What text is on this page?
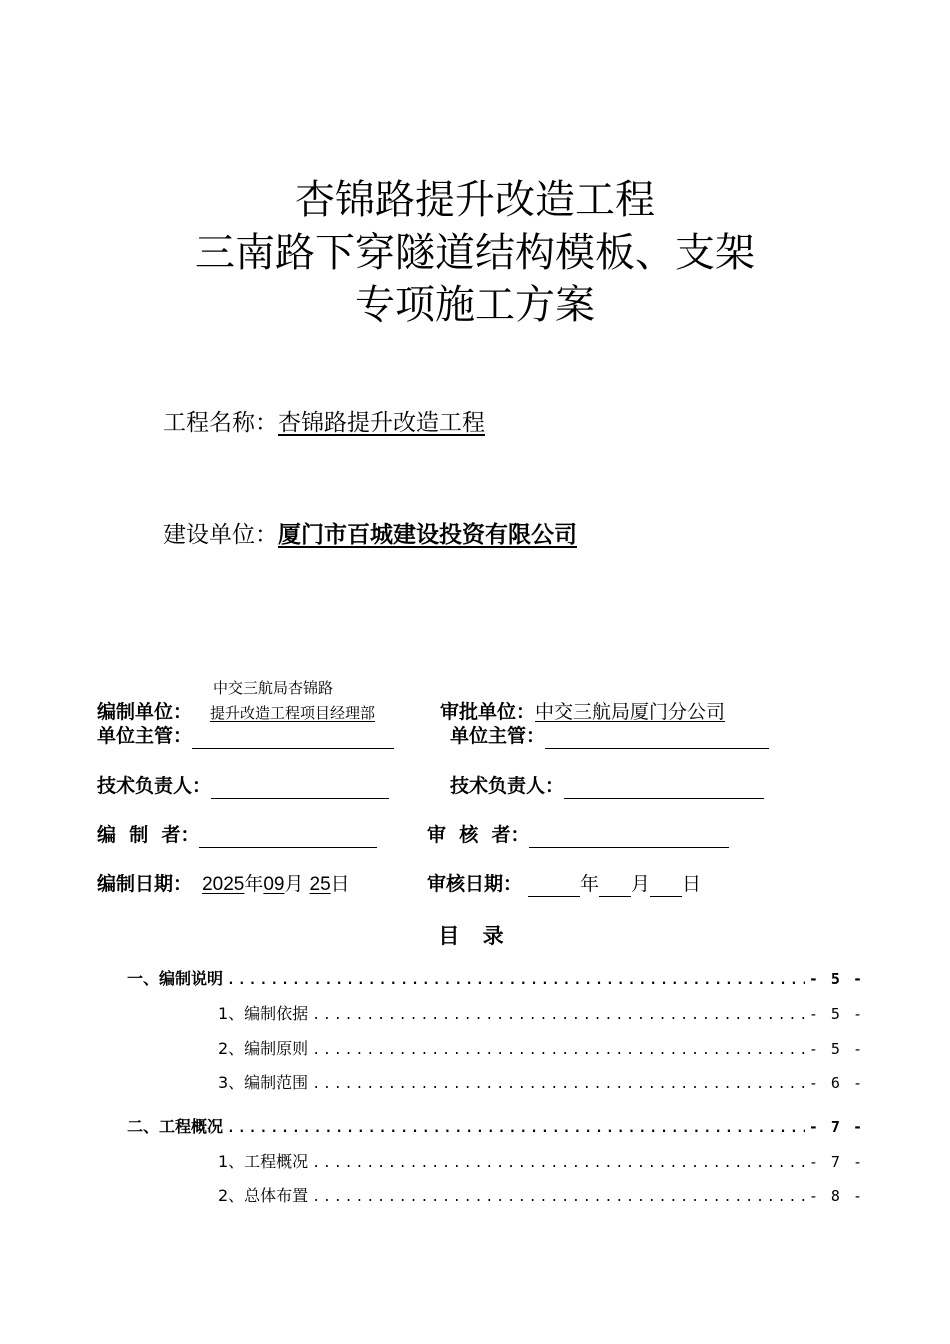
杏锦路提升改造工程
三南路下穿隧道结构模板、支架
专项施工方案
工程名称：杏锦路提升改造工程
建设单位：厦门市百城建设投资有限公司
中交三航局杏锦路
编制单位： 提升改造工程项目经理部	审批单位：中交三航局厦门分公司
单位主管：	单位主管：
技术负责人：	技术负责人：
编  制  者：	审  核  者：
编制日期： 2025年09月 25日	审核日期：	年 月 日
目 录
一、编制说明 .....	- 5 -
1、编制依据 .....	- 5 -
2、编制原则 .....	- 5 -
3、编制范围 .....	- 6 -
二、工程概况 .....	- 7 -
1、工程概况 .....	- 7 -
2、总体布置 .....	- 8 -
